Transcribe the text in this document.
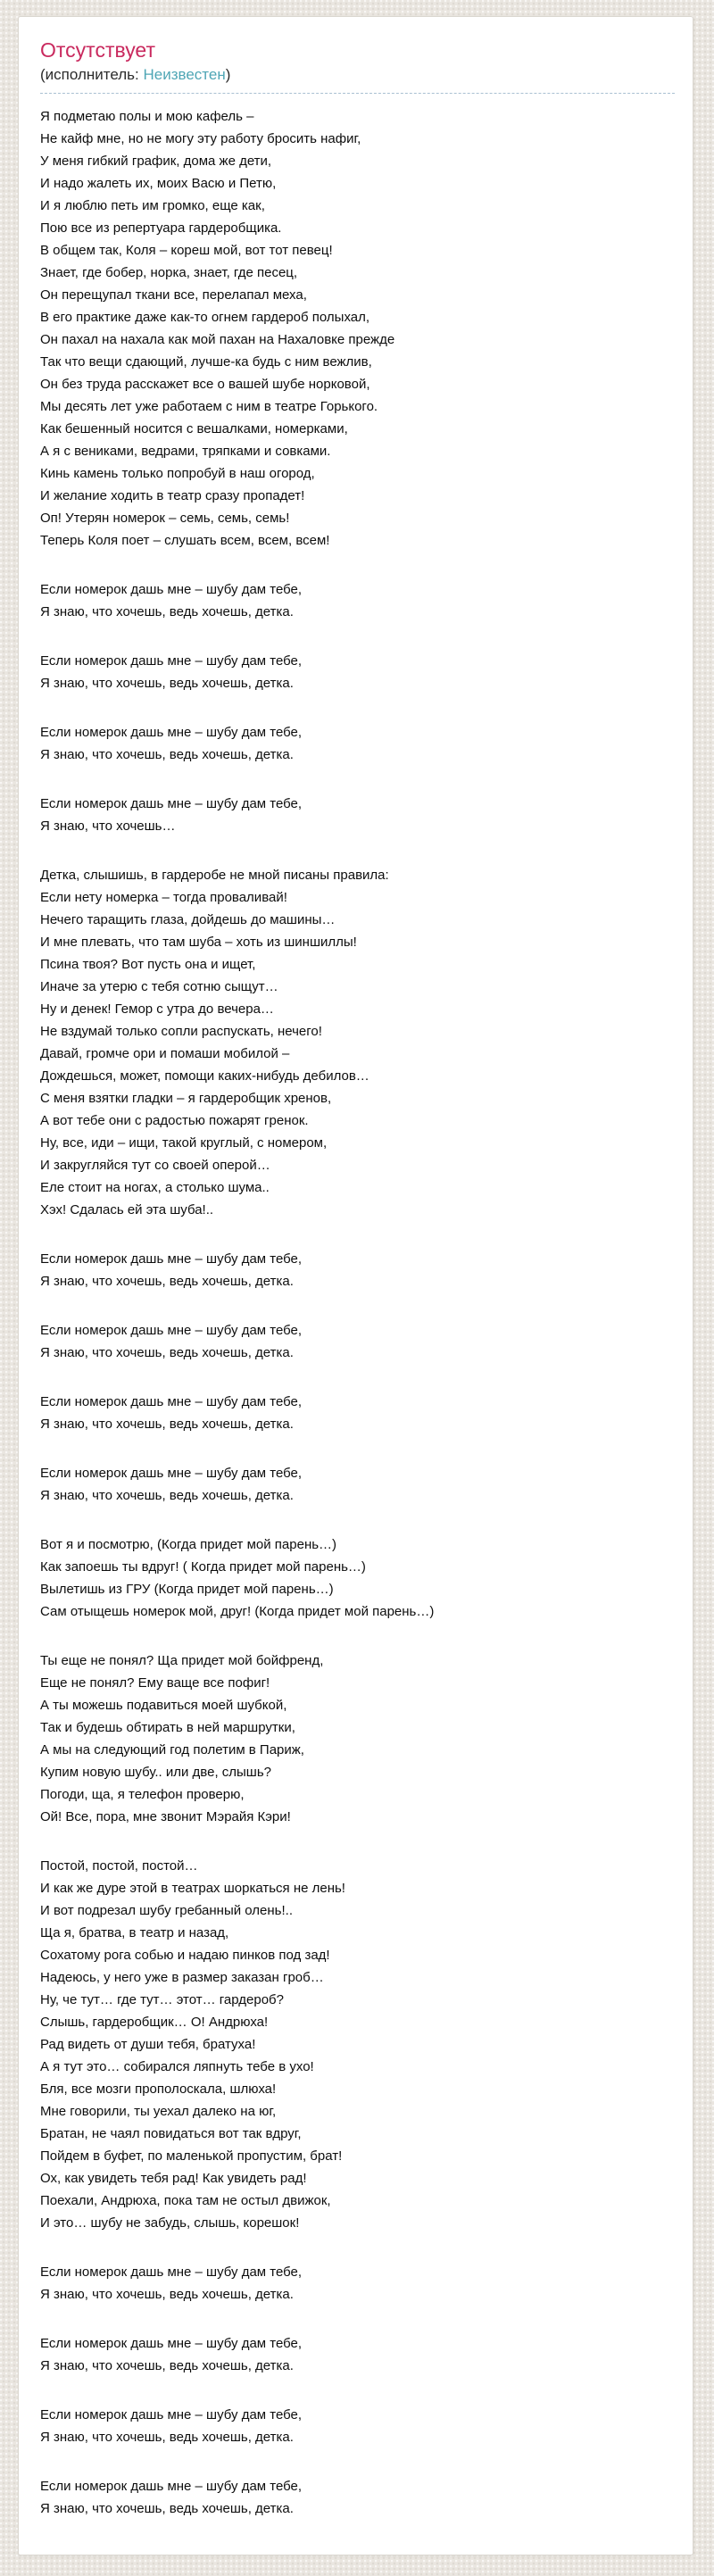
Отсутствует
(исполнитель: Неизвестен)

Я подметаю полы и мою кафель –
Не кайф мне, но не могу эту работу бросить нафиг,
У меня гибкий график, дома же дети,
И надо жалеть их, моих Васю и Петю,
И я люблю петь им громко, еще как,
Пою все из репертуара гардеробщика.
В общем так, Коля – кореш мой, вот тот певец!
Знает, где бобер, норка, знает, где песец,
Он перещупал ткани все, перелапал меха,
В его практике даже как-то огнем гардероб полыхал,
Он пахал на нахала как мой пахан на Нахаловке прежде
Так что вещи сдающий, лучше-ка будь с ним вежлив,
Он без труда расскажет все о вашей шубе норковой,
Мы десять лет уже работаем с ним в театре Горького.
Как бешенный носится с вешалками, номерками,
А я с вениками, ведрами, тряпками и совками.
Кинь камень только попробуй в наш огород,
И желание ходить в театр сразу пропадет!
Оп! Утерян номерок – семь, семь, семь!
Теперь Коля поет – слушать всем, всем, всем!

Если номерок дашь мне – шубу дам тебе,
Я знаю, что хочешь, ведь хочешь, детка.

Если номерок дашь мне – шубу дам тебе,
Я знаю, что хочешь, ведь хочешь, детка.

Если номерок дашь мне – шубу дам тебе,
Я знаю, что хочешь, ведь хочешь, детка.

Если номерок дашь мне – шубу дам тебе,
Я знаю, что хочешь…

Детка, слышишь, в гардеробе не мной писаны правила:
Если нету номерка – тогда проваливай!
Нечего таращить глаза, дойдешь до машины…
И мне плевать, что там шуба – хоть из шиншиллы!
Псина твоя? Вот пусть она и ищет,
Иначе за утерю с тебя сотню сыщут…
Ну и денек! Гемор с утра до вечера…
Не вздумай только сопли распускать, нечего!
Давай, громче ори и помаши мобилой –
Дождешься, может, помощи каких-нибудь дебилов…
С меня взятки гладки – я гардеробщик хренов,
А вот тебе они с радостью пожарят гренок.
Ну, все, иди – ищи, такой круглый, с номером,
И закругляйся тут со своей оперой…
Еле стоит на ногах, а столько шума..
Хэх! Сдалась ей эта шуба!..

Если номерок дашь мне – шубу дам тебе,
Я знаю, что хочешь, ведь хочешь, детка.

Если номерок дашь мне – шубу дам тебе,
Я знаю, что хочешь, ведь хочешь, детка.

Если номерок дашь мне – шубу дам тебе,
Я знаю, что хочешь, ведь хочешь, детка.

Если номерок дашь мне – шубу дам тебе,
Я знаю, что хочешь, ведь хочешь, детка.

Вот я и посмотрю, (Когда придет мой парень…)
Как запоешь ты вдруг! ( Когда придет мой парень…)
Вылетишь из ГРУ (Когда придет мой парень…)
Сам отыщешь номерок мой, друг! (Когда придет мой парень…)

Ты еще не понял? Ща придет мой бойфренд,
Еще не понял? Ему ваще все пофиг!
А ты можешь подавиться моей шубкой,
Так и будешь обтирать в ней маршрутки,
А мы на следующий год полетим в Париж,
Купим новую шубу.. или две, слышь?
Погоди, ща, я телефон проверю,
Ой! Все, пора, мне звонит Мэрайя Кэри!

Постой, постой, постой…
И как же дуре этой в театрах шоркаться не лень!
И вот подрезал шубу гребанный олень!..
Ща я, братва, в театр и назад,
Сохатому рога собью и надаю пинков под зад!
Надеюсь, у него уже в размер заказан гроб…
Ну, че тут… где тут… этот… гардероб?
Слышь, гардеробщик… О! Андрюха!
Рад видеть от души тебя, братуха!
А я тут это… собирался ляпнуть тебе в ухо!
Бля, все мозги прополоскала, шлюха!
Мне говорили, ты уехал далеко на юг,
Братан, не чаял повидаться вот так вдруг,
Пойдем в буфет, по маленькой пропустим, брат!
Ох, как увидеть тебя рад! Как увидеть рад!
Поехали, Андрюха, пока там не остыл движок,
И это… шубу не забудь, слышь, корешок!

Если номерок дашь мне – шубу дам тебе,
Я знаю, что хочешь, ведь хочешь, детка.

Если номерок дашь мне – шубу дам тебе,
Я знаю, что хочешь, ведь хочешь, детка.

Если номерок дашь мне – шубу дам тебе,
Я знаю, что хочешь, ведь хочешь, детка.

Если номерок дашь мне – шубу дам тебе,
Я знаю, что хочешь, ведь хочешь, детка.
